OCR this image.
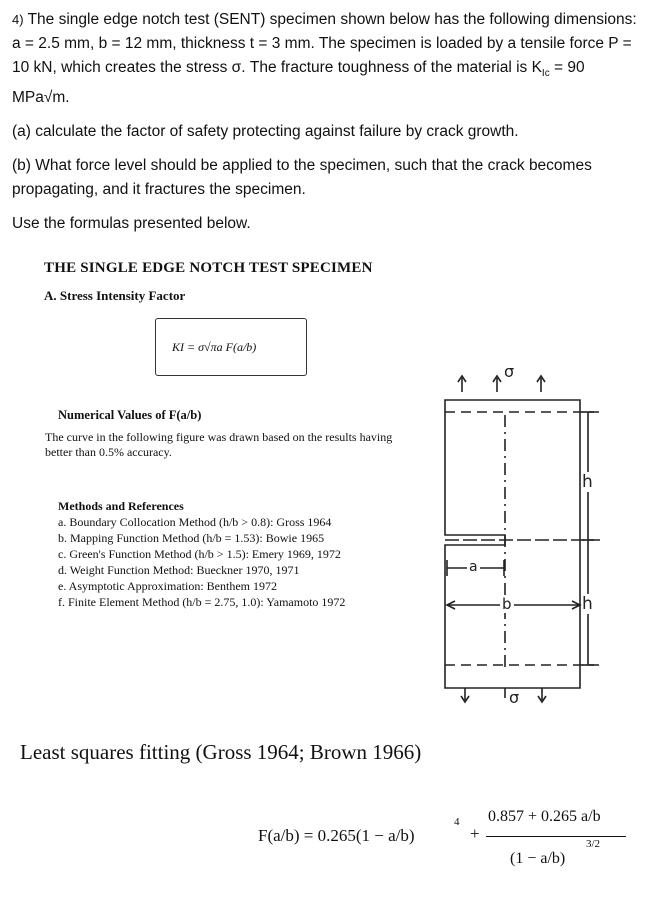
4) The single edge notch test (SENT) specimen shown below has the following dimensions: a = 2.5 mm, b = 12 mm, thickness t = 3 mm. The specimen is loaded by a tensile force P = 10 kN, which creates the stress σ. The fracture toughness of the material is $K_{Ic} = 90$ MPa√m.

(a) calculate the factor of safety protecting against failure by crack growth.

(b) What force level should be applied to the specimen, such that the crack becomes propagating, and it fractures the specimen.

Use the formulas presented below.

THE SINGLE EDGE NOTCH TEST SPECIMEN
A. Stress Intensity Factor
KI = σ√πa F(a/b)
Numerical Values of F(a/b)
The curve in the following figure was drawn based on the results having better than 0.5% accuracy.
Methods and References
a. Boundary Collocation Method (h/b > 0.8): Gross 1964
b. Mapping Function Method (h/b = 1.53): Bowie 1965
c. Green's Function Method (h/b > 1.5): Emery 1969, 1972
d. Weight Function Method: Bueckner 1970, 1971
e. Asymptotic Approximation: Benthem 1972
f. Finite Element Method (h/b = 2.75, 1.0): Yamamoto 1972
σ
σ
a
b
h
h
Least squares fitting (Gross 1964; Brown 1966)
F(a/b) = 0.265(1 − a/b)
4
+
0.857 + 0.265 a/b
(1 − a/b)
3/2
